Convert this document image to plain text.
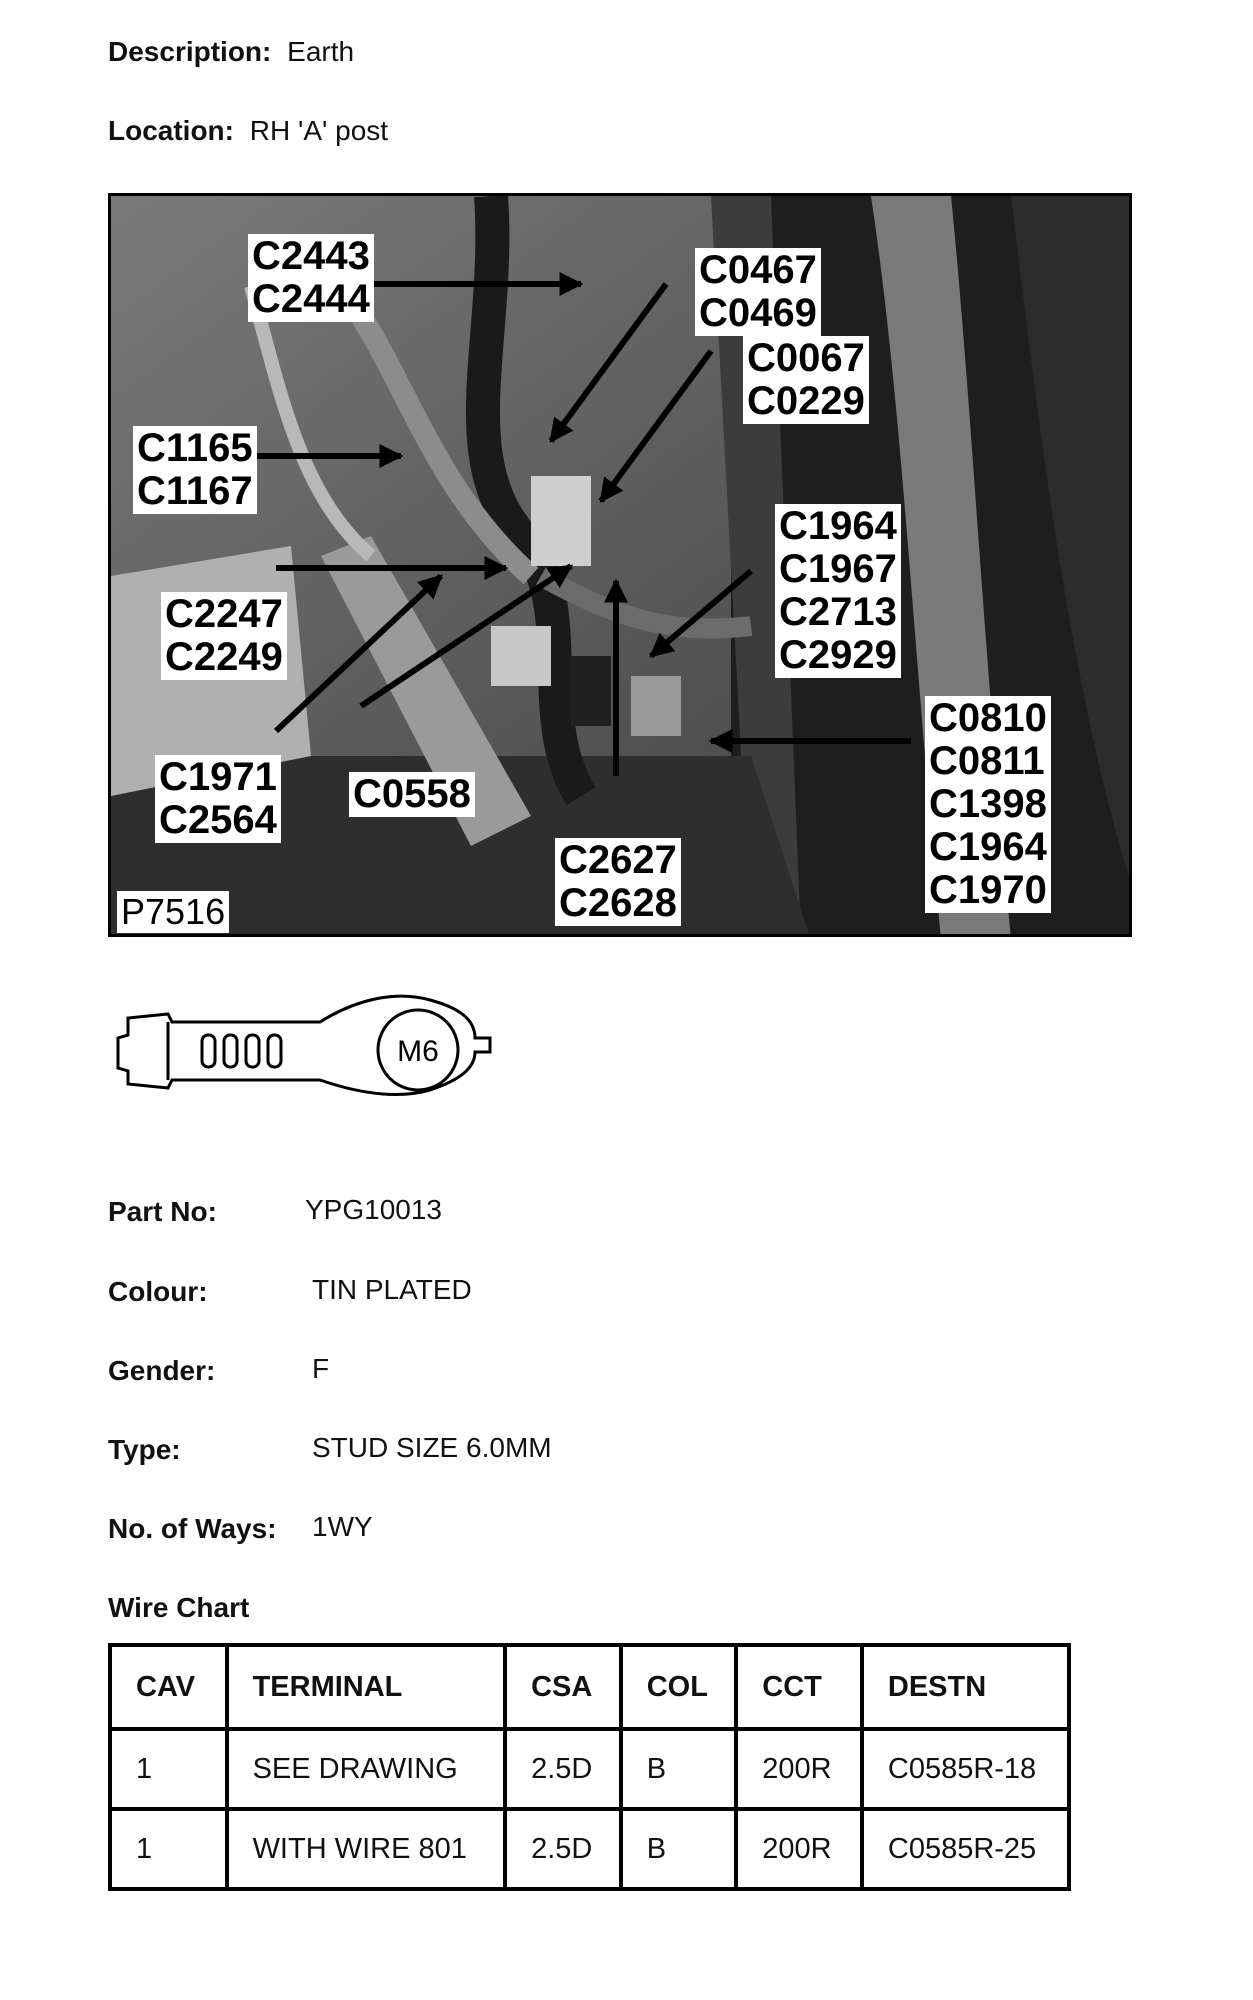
Description: Earth
Location: RH 'A' post
C2443
C2444
C0467
C0469
C0067
C0229
C1165
C1167
C1964
C1967
C2713
C2929
C2247
C2249
C0810
C0811
C1398
C1964
C1970
C1971
C2564
C0558
C2627
C2628
P7516
M6
Part No:	YPG10013
Colour:	TIN PLATED
Gender:	F
Type:	STUD SIZE 6.0MM
No. of Ways: 1WY
Wire Chart
CAV	TERMINAL	CSA	COL	CCT	DESTN
1	SEE DRAWING	2.5D	B	200R	C0585R-18
1	WITH WIRE 801	2.5D	B	200R	C0585R-25
